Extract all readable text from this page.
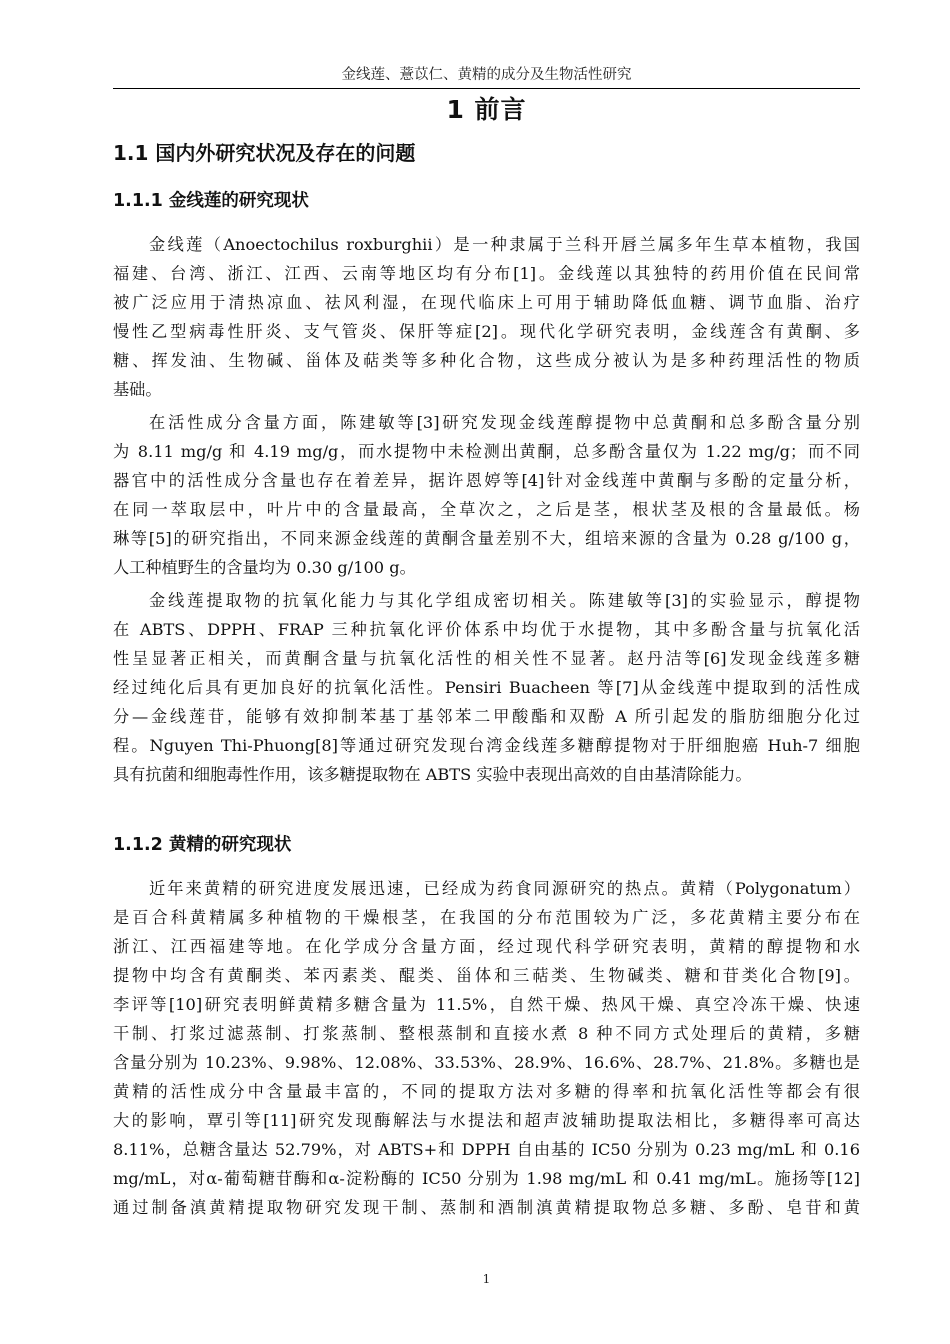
金线莲、薏苡仁、黄精的成分及生物活性研究
1 前言
1.1 国内外研究状况及存在的问题
1.1.1 金线莲的研究现状
金线莲（Anoectochilus roxburghii）是一种隶属于兰科开唇兰属多年生草本植物，我国
福建、台湾、浙江、江西、云南等地区均有分布[1]。金线莲以其独特的药用价值在民间常
被广泛应用于清热凉血、祛风利湿，在现代临床上可用于辅助降低血糖、调节血脂、治疗
慢性乙型病毒性肝炎、支气管炎、保肝等症[2]。现代化学研究表明，金线莲含有黄酮、多
糖、挥发油、生物碱、甾体及萜类等多种化合物，这些成分被认为是多种药理活性的物质
基础。
在活性成分含量方面，陈建敏等[3]研究发现金线莲醇提物中总黄酮和总多酚含量分别
为 8.11 mg/g 和 4.19 mg/g，而水提物中未检测出黄酮，总多酚含量仅为 1.22 mg/g；而不同
器官中的活性成分含量也存在着差异，据许恩婷等[4]针对金线莲中黄酮与多酚的定量分析，
在同一萃取层中，叶片中的含量最高，全草次之，之后是茎，根状茎及根的含量最低。杨
琳等[5]的研究指出，不同来源金线莲的黄酮含量差别不大，组培来源的含量为 0.28 g/100 g，
人工种植野生的含量均为 0.30 g/100 g。
金线莲提取物的抗氧化能力与其化学组成密切相关。陈建敏等[3]的实验显示，醇提物
在 ABTS、DPPH、FRAP 三种抗氧化评价体系中均优于水提物，其中多酚含量与抗氧化活
性呈显著正相关，而黄酮含量与抗氧化活性的相关性不显著。赵丹洁等[6]发现金线莲多糖
经过纯化后具有更加良好的抗氧化活性。Pensiri Buacheen 等[7]从金线莲中提取到的活性成
分—金线莲苷，能够有效抑制苯基丁基邻苯二甲酸酯和双酚 A 所引起发的脂肪细胞分化过
程。Nguyen Thi-Phuong[8]等通过研究发现台湾金线莲多糖醇提物对于肝细胞癌 Huh-7 细胞
具有抗菌和细胞毒性作用，该多糖提取物在 ABTS 实验中表现出高效的自由基清除能力。
1.1.2 黄精的研究现状
近年来黄精的研究进度发展迅速，已经成为药食同源研究的热点。黄精（Polygonatum）
是百合科黄精属多种植物的干燥根茎，在我国的分布范围较为广泛，多花黄精主要分布在
浙江、江西福建等地。在化学成分含量方面，经过现代科学研究表明，黄精的醇提物和水
提物中均含有黄酮类、苯丙素类、醌类、甾体和三萜类、生物碱类、糖和苷类化合物[9]。
李评等[10]研究表明鲜黄精多糖含量为 11.5%，自然干燥、热风干燥、真空冷冻干燥、快速
干制、打浆过滤蒸制、打浆蒸制、整根蒸制和直接水煮 8 种不同方式处理后的黄精，多糖
含量分别为 10.23%、9.98%、12.08%、33.53%、28.9%、16.6%、28.7%、21.8%。多糖也是
黄精的活性成分中含量最丰富的，不同的提取方法对多糖的得率和抗氧化活性等都会有很
大的影响，覃引等[11]研究发现酶解法与水提法和超声波辅助提取法相比，多糖得率可高达
8.11%，总糖含量达 52.79%，对 ABTS+和 DPPH 自由基的 IC50 分别为 0.23 mg/mL 和 0.16
mg/mL，对α-葡萄糖苷酶和α-淀粉酶的 IC50 分别为 1.98 mg/mL 和 0.41 mg/mL。施扬等[12]
通过制备滇黄精提取物研究发现干制、蒸制和酒制滇黄精提取物总多糖、多酚、皂苷和黄
1
